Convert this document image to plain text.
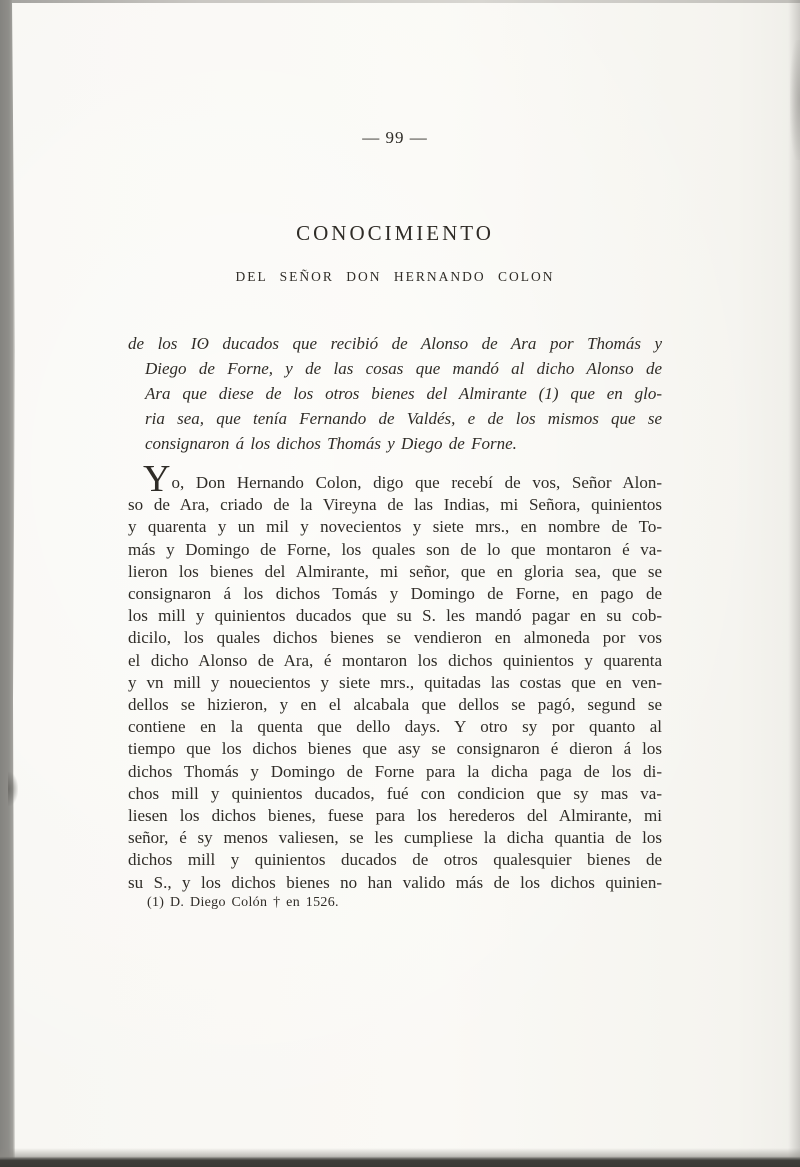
— 99 —
CONOCIMIENTO
DEL SEÑOR DON HERNANDO COLON
de los Iʘ ducados que recibió de Alonso de Ara por Thomás y
Diego de Forne, y de las cosas que mandó al dicho Alonso de
Ara que diese de los otros bienes del Almirante (1) que en glo-
ria sea, que tenía Fernando de Valdés, e de los mismos que se
consignaron á los dichos Thomás y Diego de Forne.
Yo, Don Hernando Colon, digo que recebí de vos, Señor Alon-
so de Ara, criado de la Vireyna de las Indias, mi Señora, quinientos
y quarenta y un mil y novecientos y siete mrs., en nombre de To-
más y Domingo de Forne, los quales son de lo que montaron é va-
lieron los bienes del Almirante, mi señor, que en gloria sea, que se
consignaron á los dichos Tomás y Domingo de Forne, en pago de
los mill y quinientos ducados que su S. les mandó pagar en su cob-
dicilo, los quales dichos bienes se vendieron en almoneda por vos
el dicho Alonso de Ara, é montaron los dichos quinientos y quarenta
y vn mill y nouecientos y siete mrs., quitadas las costas que en ven-
dellos se hizieron, y en el alcabala que dellos se pagó, segund se
contiene en la quenta que dello days. Y otro sy por quanto al
tiempo que los dichos bienes que asy se consignaron é dieron á los
dichos Thomás y Domingo de Forne para la dicha paga de los di-
chos mill y quinientos ducados, fué con condicion que sy mas va-
liesen los dichos bienes, fuese para los herederos del Almirante, mi
señor, é sy menos valiesen, se les cumpliese la dicha quantia de los
dichos mill y quinientos ducados de otros qualesquier bienes de
su S., y los dichos bienes no han valido más de los dichos quinien-
(1) D. Diego Colón † en 1526.
